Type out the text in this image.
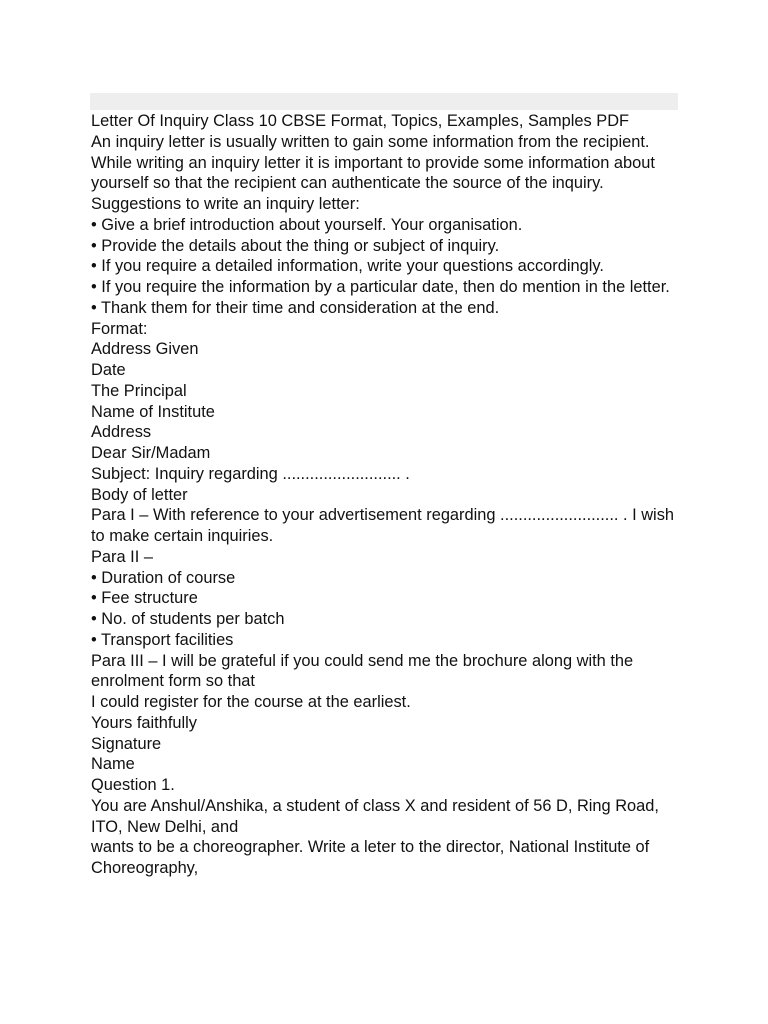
Letter Of Inquiry Class 10 CBSE Format, Topics, Examples, Samples PDF
An inquiry letter is usually written to gain some information from the recipient. While writing an inquiry letter it is important to provide some information about yourself so that the recipient can authenticate the source of the inquiry.
Suggestions to write an inquiry letter:
• Give a brief introduction about yourself. Your organisation.
• Provide the details about the thing or subject of inquiry.
• If you require a detailed information, write your questions accordingly.
• If you require the information by a particular date, then do mention in the letter.
• Thank them for their time and consideration at the end.
Format:
Address Given
Date
The Principal
Name of Institute
Address
Dear Sir/Madam
Subject: Inquiry regarding .......................... .
Body of letter
Para I – With reference to your advertisement regarding .......................... . I wish to make certain inquiries.
Para II –
• Duration of course
• Fee structure
• No. of students per batch
• Transport facilities
Para III – I will be grateful if you could send me the brochure along with the enrolment form so that
I could register for the course at the earliest.
Yours faithfully
Signature
Name
Question 1.
You are Anshul/Anshika, a student of class X and resident of 56 D, Ring Road, ITO, New Delhi, and
wants to be a choreographer. Write a leter to the director, National Institute of Choreography,
